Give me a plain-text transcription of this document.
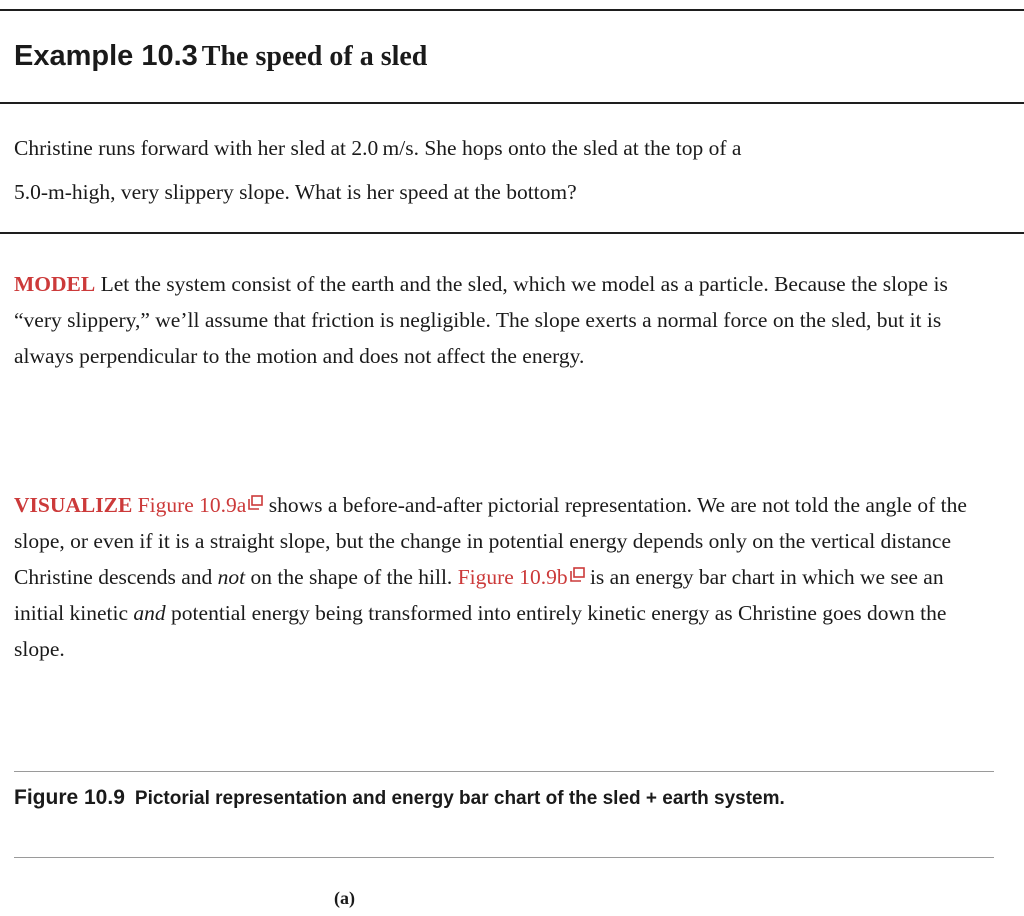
Example 10.3 The speed of a sled

Christine runs forward with her sled at 2.0 m/s. She hops onto the sled at the top of a

5.0-m-high, very slippery slope. What is her speed at the bottom?

MODEL Let the system consist of the earth and the sled, which we model as a particle. Because the slope is “very slippery,” we’ll assume that friction is negligible. The slope exerts a normal force on the sled, but it is always perpendicular to the motion and does not affect the energy.

VISUALIZE Figure 10.9a
shows a before-and-after pictorial representation. We are not told the angle of the slope, or even if it is a straight slope, but the change in potential energy depends only on the vertical distance Christine descends and not on the shape of the hill. Figure 10.9b
is an energy bar chart in which we see an initial kinetic and potential energy being transformed into entirely kinetic energy as Christine goes down the slope.

Figure 10.9 Pictorial representation and energy bar chart of the sled + earth system.
(a)
